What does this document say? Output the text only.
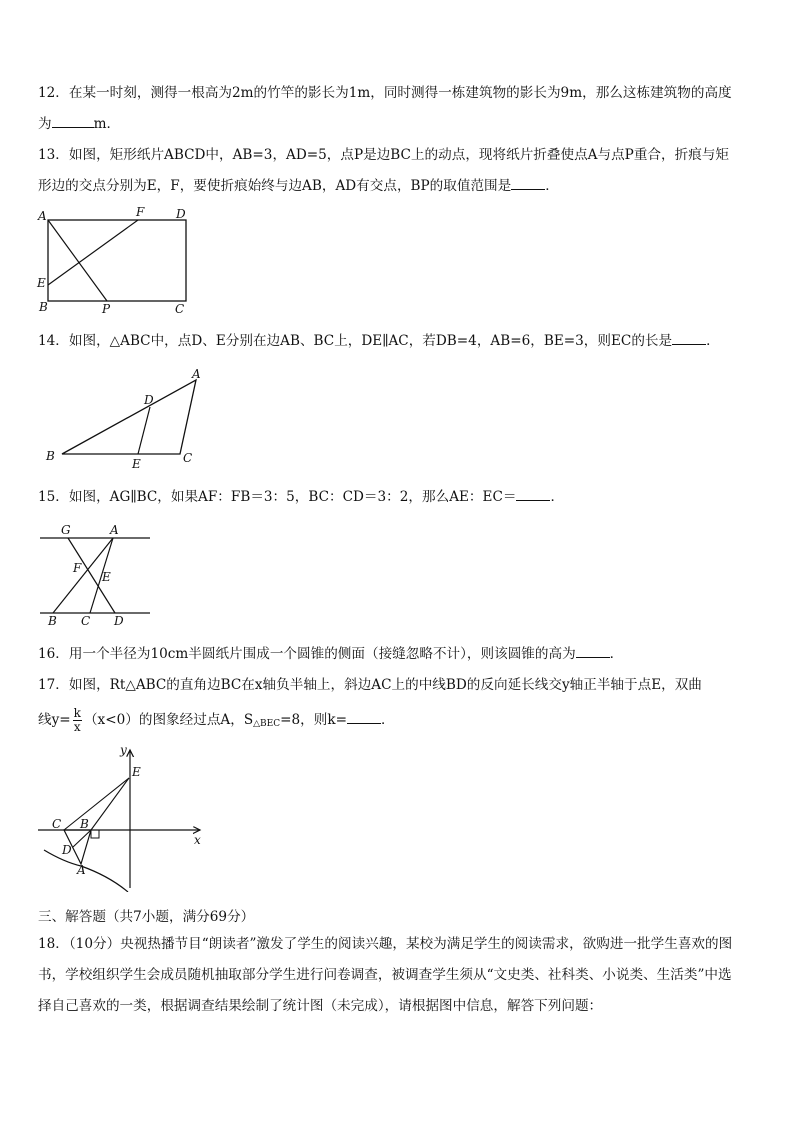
12．在某一时刻，测得一根高为2m的竹竿的影长为1m，同时测得一栋建筑物的影长为9m，那么这栋建筑物的高度
为	m．
13．如图，矩形纸片ABCD中，AB=3，AD=5，点P是边BC上的动点，现将纸片折叠使点A与点P重合，折痕与矩
形边的交点分别为E，F，要使折痕始终与边AB，AD有交点，BP的取值范围是	．
A	F	D
E
B	P	C
14．如图，△ABC中，点D、E分别在边AB、BC上，DE∥AC，若DB=4，AB=6，BE=3，则EC的长是	．
A
D
B
E	C
15．如图，AG∥BC，如果AF：FB＝3：5，BC：CD＝3：2，那么AE：EC＝	．
G	A
F
E
B C D
16．用一个半径为10cm半圆纸片围成一个圆锥的侧面（接缝忽略不计），则该圆锥的高为	．
17．如图，Rt△ABC的直角边BC在x轴负半轴上，斜边AC上的中线BD的反向延长线交y轴正半轴于点E，双曲
线$y= \frac{k}{x} (x<0)$的图象经过点A，$S_{\triangle BEC}=8$，则k=	．
y
E
C B
D
A
x
三、解答题（共7小题，满分69分）
18．（10分）央视热播节目“朗读者”激发了学生的阅读兴趣，某校为满足学生的阅读需求，欲购进一批学生喜欢的图
书，学校组织学生会成员随机抽取部分学生进行问卷调查，被调查学生须从“文史类、社科类、小说类、生活类”中选
择自己喜欢的一类，根据调查结果绘制了统计图（未完成），请根据图中信息，解答下列问题：
